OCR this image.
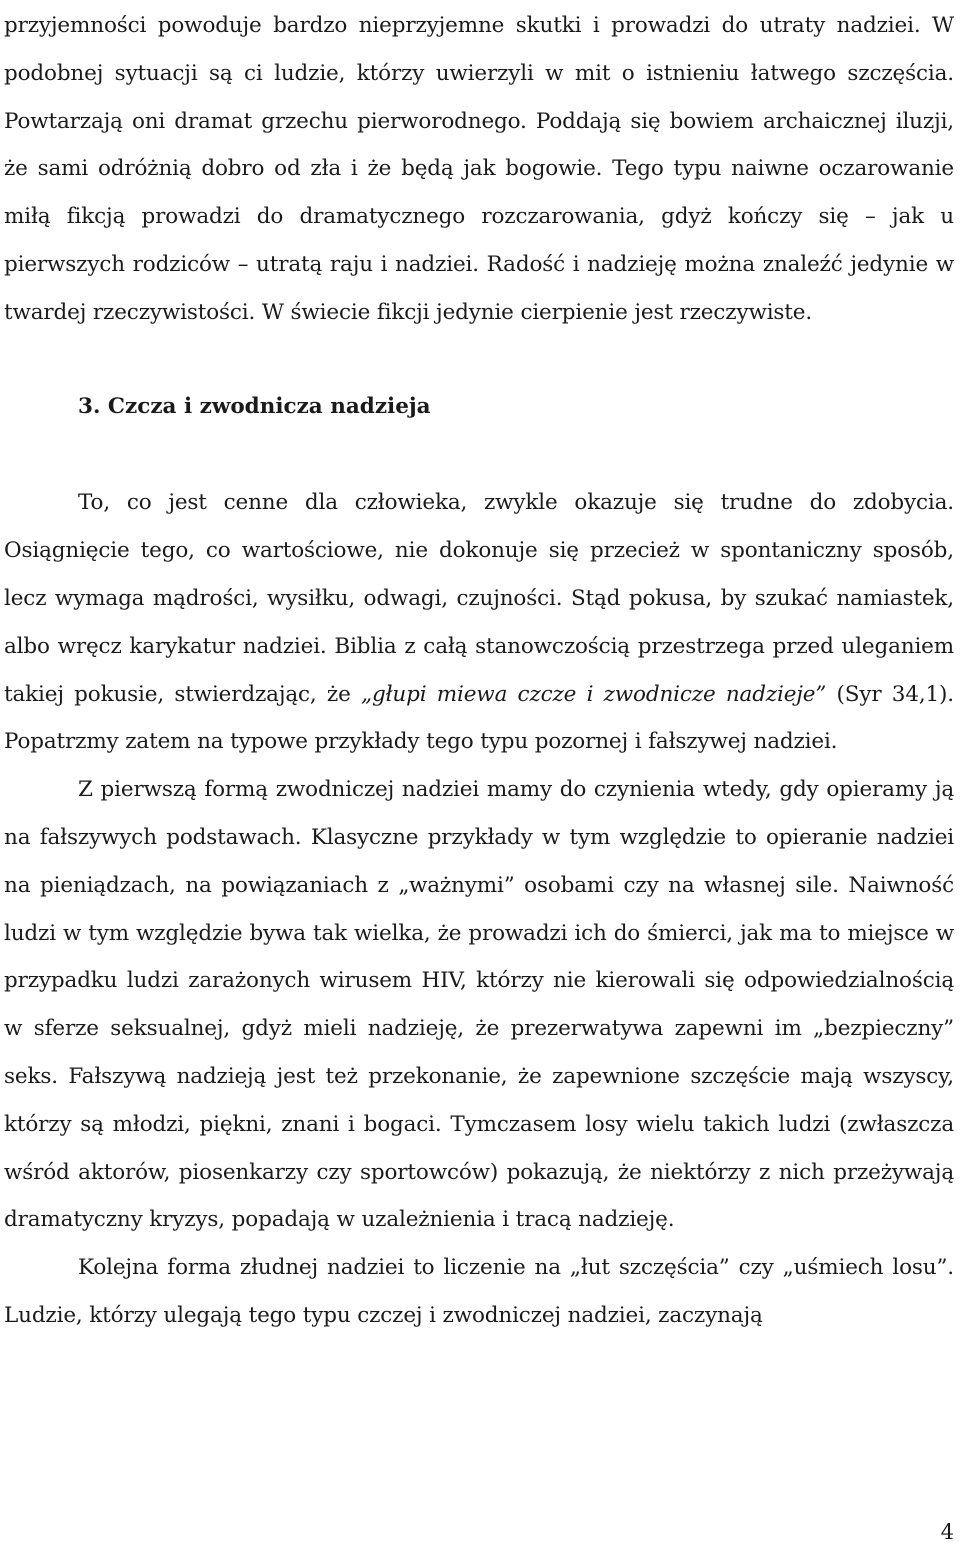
przyjemności powoduje bardzo nieprzyjemne skutki i prowadzi do utraty nadziei. W podobnej sytuacji są ci ludzie, którzy uwierzyli w mit o istnieniu łatwego szczęścia. Powtarzają oni dramat grzechu pierworodnego. Poddają się bowiem archaicznej iluzji, że sami odróżnią dobro od zła i że będą jak bogowie. Tego typu naiwne oczarowanie miłą fikcją prowadzi do dramatycznego rozczarowania, gdyż kończy się – jak u pierwszych rodziców – utratą raju i nadziei. Radość i nadzieję można znaleźć jedynie w twardej rzeczywistości. W świecie fikcji jedynie cierpienie jest rzeczywiste.

3. Czcza i zwodnicza nadzieja

To, co jest cenne dla człowieka, zwykle okazuje się trudne do zdobycia. Osiągnięcie tego, co wartościowe, nie dokonuje się przecież w spontaniczny sposób, lecz wymaga mądrości, wysiłku, odwagi, czujności. Stąd pokusa, by szukać namiastek, albo wręcz karykatur nadziei. Biblia z całą stanowczością przestrzega przed uleganiem takiej pokusie, stwierdzając, że „głupi miewa czcze i zwodnicze nadzieje” (Syr 34,1). Popatrzmy zatem na typowe przykłady tego typu pozornej i fałszywej nadziei.

Z pierwszą formą zwodniczej nadziei mamy do czynienia wtedy, gdy opieramy ją na fałszywych podstawach. Klasyczne przykłady w tym względzie to opieranie nadziei na pieniądzach, na powiązaniach z „ważnymi” osobami czy na własnej sile. Naiwność ludzi w tym względzie bywa tak wielka, że prowadzi ich do śmierci, jak ma to miejsce w przypadku ludzi zarażonych wirusem HIV, którzy nie kierowali się odpowiedzialnością w sferze seksualnej, gdyż mieli nadzieję, że prezerwatywa zapewni im „bezpieczny” seks. Fałszywą nadzieją jest też przekonanie, że zapewnione szczęście mają wszyscy, którzy są młodzi, piękni, znani i bogaci. Tymczasem losy wielu takich ludzi (zwłaszcza wśród aktorów, piosenkarzy czy sportowców) pokazują, że niektórzy z nich przeżywają dramatyczny kryzys, popadają w uzależnienia i tracą nadzieję.

Kolejna forma złudnej nadziei to liczenie na „łut szczęścia” czy „uśmiech losu”. Ludzie, którzy ulegają tego typu czczej i zwodniczej nadziei, zaczynają

4
